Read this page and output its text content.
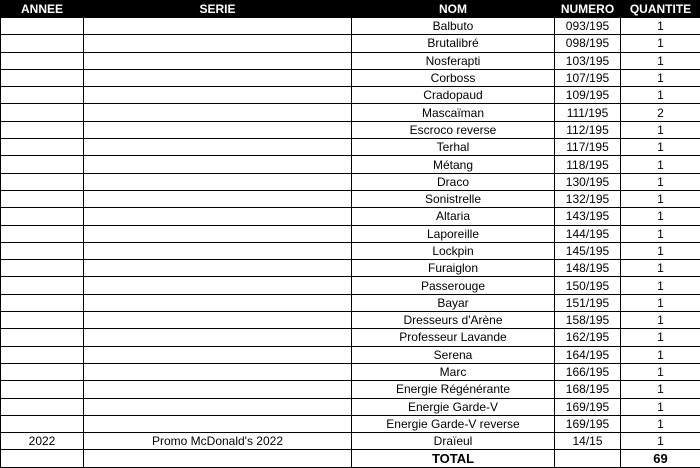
ANNEE	SERIE	NOM	NUMERO	QUANTITE
		Balbuto	093/195	1
		Brutalibré	098/195	1
		Nosferapti	103/195	1
		Corboss	107/195	1
		Cradopaud	109/195	1
		Mascaïman	111/195	2
		Escroco reverse	112/195	1
		Terhal	117/195	1
		Métang	118/195	1
		Draco	130/195	1
		Sonistrelle	132/195	1
		Altaria	143/195	1
		Laporeille	144/195	1
		Lockpin	145/195	1
		Furaiglon	148/195	1
		Passerouge	150/195	1
		Bayar	151/195	1
		Dresseurs d'Arène	158/195	1
		Professeur Lavande	162/195	1
		Serena	164/195	1
		Marc	166/195	1
		Energie Régénérante	168/195	1
		Energie Garde-V	169/195	1
		Energie Garde-V reverse	169/195	1
2022	Promo McDonald's 2022	Draïeul	14/15	1
		TOTAL		69
